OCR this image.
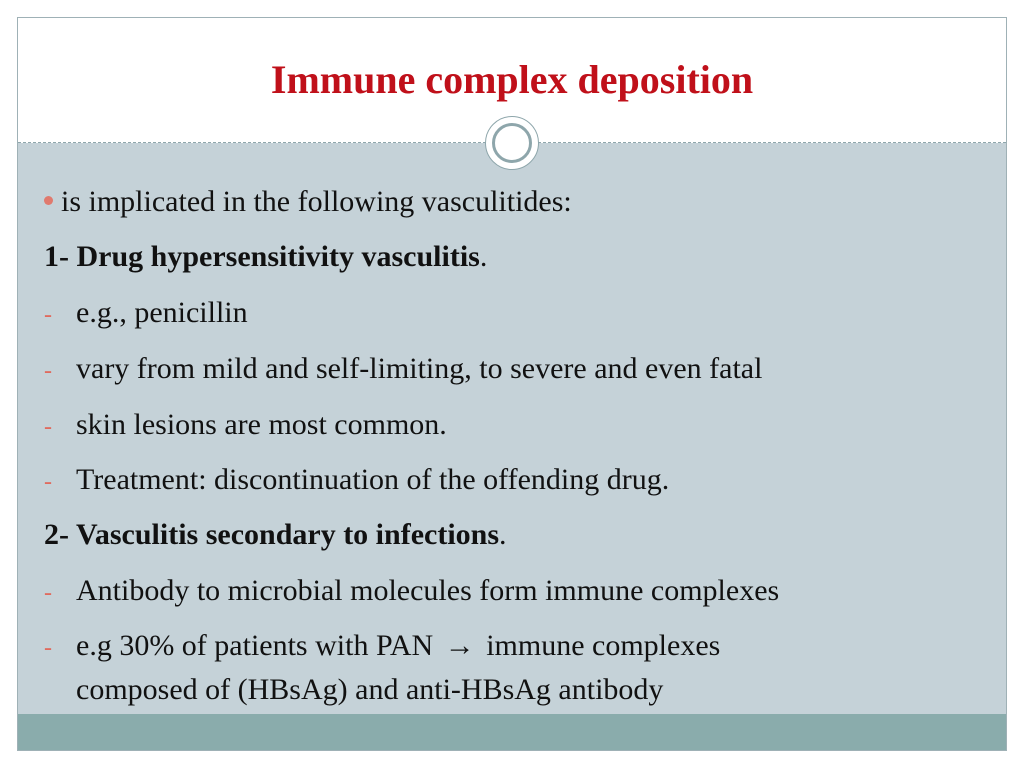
Immune complex deposition
is implicated in the following vasculitides:
1- Drug hypersensitivity vasculitis.
- e.g., penicillin
- vary from mild and self-limiting, to severe and even fatal
- skin lesions are most common.
- Treatment: discontinuation of the offending drug.
2- Vasculitis secondary to infections.
- Antibody to microbial molecules form immune complexes
- e.g 30% of patients with PAN → immune complexes
composed of (HBsAg) and anti-HBsAg antibody
